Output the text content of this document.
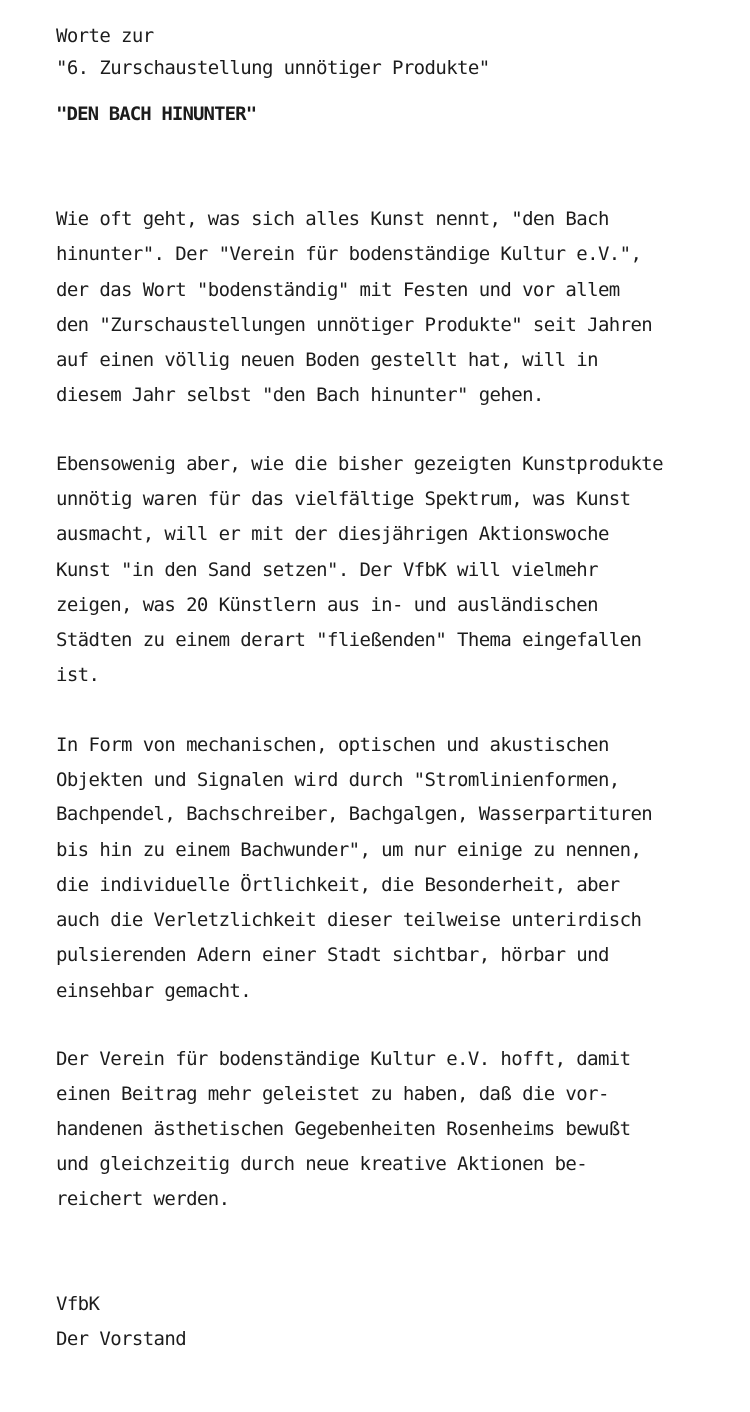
Worte zur

"6. Zurschaustellung unnötiger Produkte"

"DEN BACH HINUNTER"

Wie oft geht, was sich alles Kunst nennt, "den Bach

hinunter". Der "Verein für bodenständige Kultur e.V.",

der das Wort "bodenständig" mit Festen und vor allem

den "Zurschaustellungen unnötiger Produkte" seit Jahren

auf einen völlig neuen Boden gestellt hat, will in

diesem Jahr selbst "den Bach hinunter" gehen.

Ebensowenig aber, wie die bisher gezeigten Kunstprodukte

unnötig waren für das vielfältige Spektrum, was Kunst

ausmacht, will er mit der diesjährigen Aktionswoche

Kunst "in den Sand setzen". Der VfbK will vielmehr

zeigen, was 20 Künstlern aus in- und ausländischen

Städten zu einem derart "fließenden" Thema eingefallen

ist.

In Form von mechanischen, optischen und akustischen

Objekten und Signalen wird durch "Stromlinienformen,

Bachpendel, Bachschreiber, Bachgalgen, Wasserpartituren

bis hin zu einem Bachwunder", um nur einige zu nennen,

die individuelle Örtlichkeit, die Besonderheit, aber

auch die Verletzlichkeit dieser teilweise unterirdisch

pulsierenden Adern einer Stadt sichtbar, hörbar und

einsehbar gemacht.

Der Verein für bodenständige Kultur e.V. hofft, damit

einen Beitrag mehr geleistet zu haben, daß die vor-

handenen ästhetischen Gegebenheiten Rosenheims bewußt

und gleichzeitig durch neue kreative Aktionen be-

reichert werden.

VfbK

Der Vorstand
